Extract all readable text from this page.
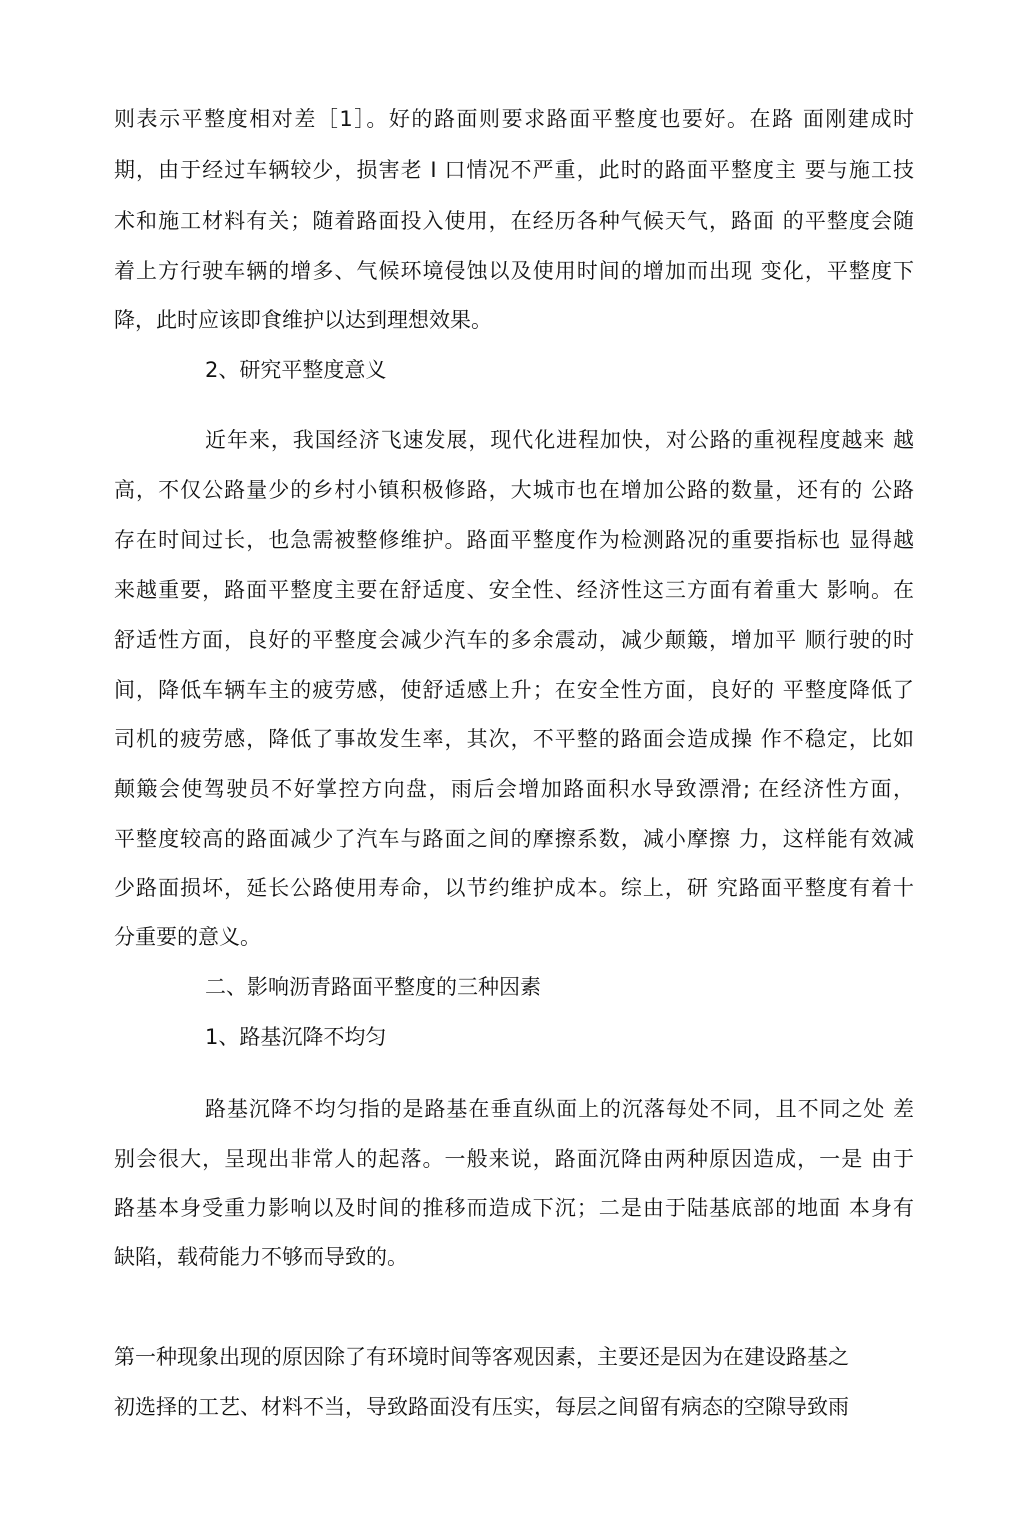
则表示平整度相对差［1］。好的路面则要求路面平整度也要好。在路 面刚建成时
期，由于经过车辆较少，损害老 I 口情况不严重，此时的路面平整度主 要与施工技
术和施工材料有关；随着路面投入使用，在经历各种气候天气，路面 的平整度会随
着上方行驶车辆的增多、气候环境侵蚀以及使用时间的增加而出现 变化，平整度下
降，此时应该即食维护以达到理想效果。
2、研究平整度意义
近年来，我国经济飞速发展，现代化进程加快，对公路的重视程度越来 越
高，不仅公路量少的乡村小镇积极修路，大城市也在增加公路的数量，还有的 公路
存在时间过长，也急需被整修维护。路面平整度作为检测路况的重要指标也 显得越
来越重要，路面平整度主要在舒适度、安全性、经济性这三方面有着重大 影响。在
舒适性方面，良好的平整度会减少汽车的多余震动，减少颠簸，增加平 顺行驶的时
间，降低车辆车主的疲劳感，使舒适感上升；在安全性方面，良好的 平整度降低了
司机的疲劳感，降低了事故发生率，其次，不平整的路面会造成操 作不稳定，比如
颠簸会使驾驶员不好掌控方向盘，雨后会增加路面积水导致漂滑; 在经济性方面，
平整度较高的路面减少了汽车与路面之间的摩擦系数，减小摩擦 力，这样能有效减
少路面损坏，延长公路使用寿命，以节约维护成本。综上，研 究路面平整度有着十
分重要的意义。
二、影响沥青路面平整度的三种因素
1、路基沉降不均匀
路基沉降不均匀指的是路基在垂直纵面上的沉落每处不同，且不同之处 差
别会很大，呈现出非常人的起落。一般来说，路面沉降由两种原因造成，一是 由于
路基本身受重力影响以及时间的推移而造成下沉；二是由于陆基底部的地面 本身有
缺陷，载荷能力不够而导致的。
第一种现象出现的原因除了有环境时间等客观因素，主要还是因为在建设路基之
初选择的工艺、材料不当，导致路面没有压实，每层之间留有病态的空隙导致雨
